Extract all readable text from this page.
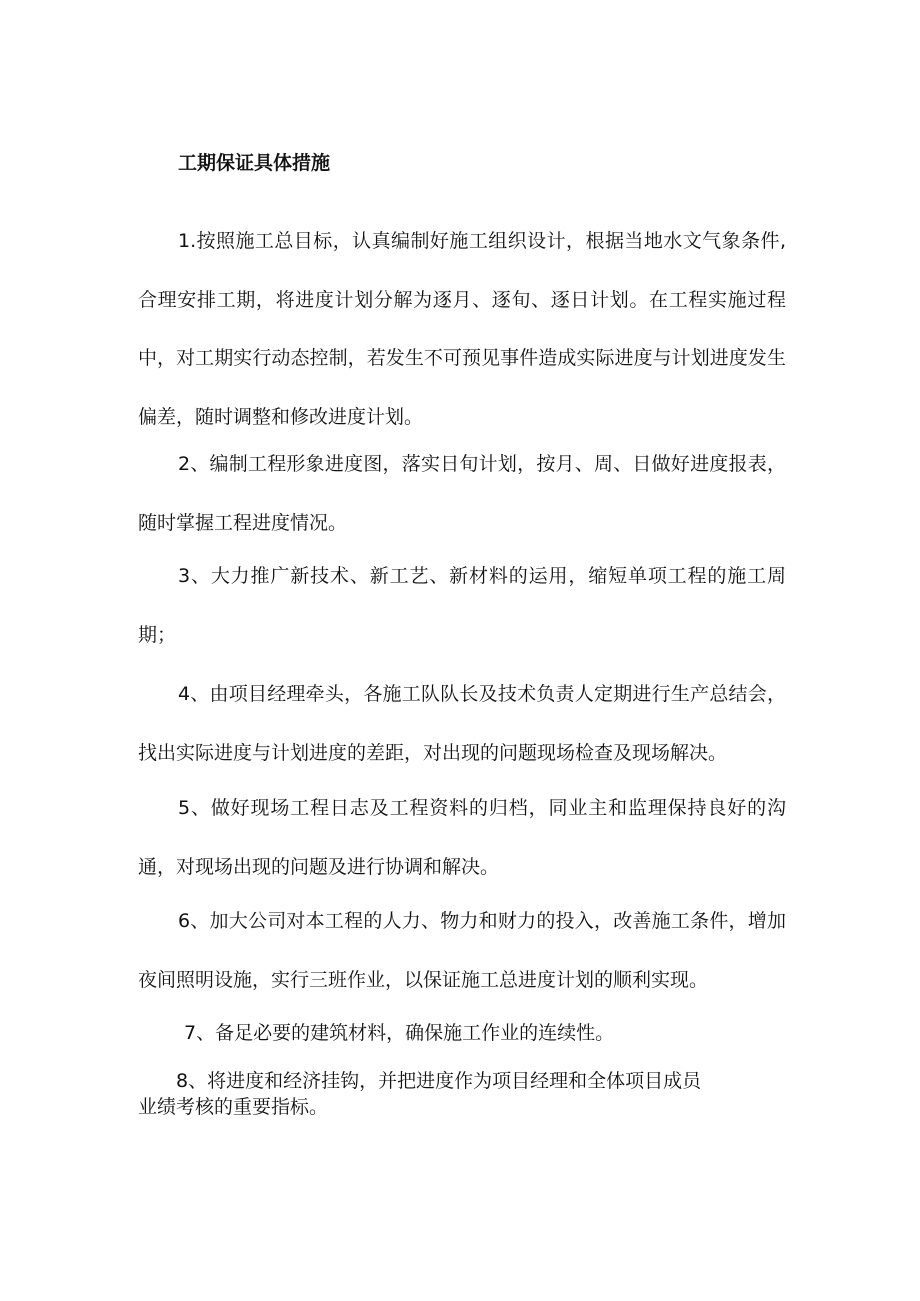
工期保证具体措施

1.按照施工总目标，认真编制好施工组织设计，根据当地水文气象条件,合理安排工期，将进度计划分解为逐月、逐旬、逐日计划。在工程实施过程中，对工期实行动态控制，若发生不可预见事件造成实际进度与计划进度发生偏差，随时调整和修改进度计划。

2、编制工程形象进度图，落实日旬计划，按月、周、日做好进度报表，随时掌握工程进度情况。

3、大力推广新技术、新工艺、新材料的运用，缩短单项工程的施工周期；

4、由项目经理牵头，各施工队队长及技术负责人定期进行生产总结会，找出实际进度与计划进度的差距，对出现的问题现场检查及现场解决。

5、做好现场工程日志及工程资料的归档，同业主和监理保持良好的沟通，对现场出现的问题及进行协调和解决。

6、加大公司对本工程的人力、物力和财力的投入，改善施工条件，增加夜间照明设施，实行三班作业，以保证施工总进度计划的顺利实现。

7、备足必要的建筑材料，确保施工作业的连续性。

8、将进度和经济挂钩，并把进度作为项目经理和全体项目成员
业绩考核的重要指标。
